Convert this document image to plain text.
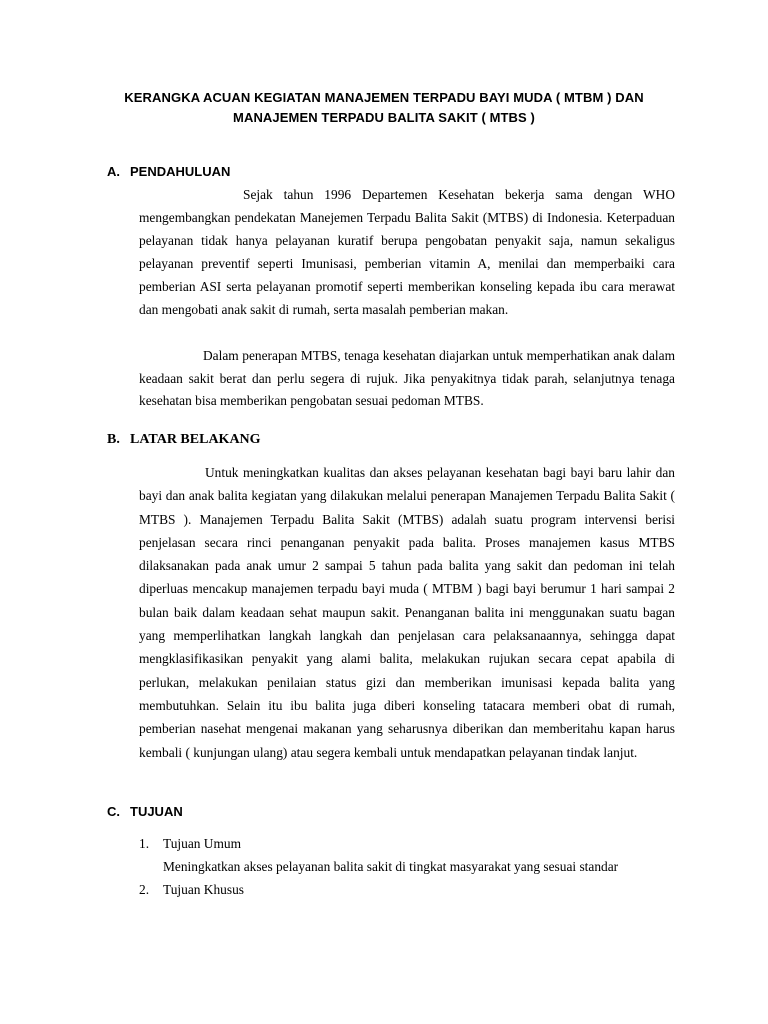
KERANGKA ACUAN KEGIATAN MANAJEMEN TERPADU BAYI MUDA ( MTBM ) DAN
MANAJEMEN TERPADU BALITA SAKIT ( MTBS )
A. PENDAHULUAN
Sejak tahun 1996 Departemen Kesehatan bekerja sama dengan WHO mengembangkan pendekatan Manejemen Terpadu Balita Sakit (MTBS) di Indonesia. Keterpaduan pelayanan tidak hanya pelayanan kuratif berupa pengobatan penyakit saja, namun sekaligus pelayanan preventif seperti Imunisasi, pemberian vitamin A, menilai dan memperbaiki cara pemberian ASI serta pelayanan promotif seperti memberikan konseling kepada ibu cara merawat dan mengobati anak sakit di rumah, serta masalah pemberian makan.
Dalam penerapan MTBS, tenaga kesehatan diajarkan untuk memperhatikan anak dalam keadaan sakit berat dan perlu segera di rujuk. Jika penyakitnya tidak parah, selanjutnya tenaga kesehatan bisa memberikan pengobatan sesuai pedoman MTBS.
B. LATAR BELAKANG
Untuk meningkatkan kualitas dan akses pelayanan kesehatan bagi bayi baru lahir dan bayi dan anak balita kegiatan yang dilakukan melalui penerapan Manajemen Terpadu Balita Sakit ( MTBS ). Manajemen Terpadu Balita Sakit (MTBS) adalah suatu program intervensi berisi penjelasan secara rinci penanganan penyakit pada balita. Proses manajemen kasus MTBS dilaksanakan pada anak umur 2 sampai 5 tahun pada balita yang sakit dan pedoman ini telah diperluas mencakup manajemen terpadu bayi muda ( MTBM ) bagi bayi berumur 1 hari sampai 2 bulan baik dalam keadaan sehat maupun sakit. Penanganan balita ini menggunakan suatu bagan yang memperlihatkan langkah langkah dan penjelasan cara pelaksanaannya, sehingga dapat mengklasifikasikan penyakit yang alami balita, melakukan rujukan secara cepat apabila di perlukan, melakukan penilaian status gizi dan memberikan imunisasi kepada balita yang membutuhkan. Selain itu ibu balita juga diberi konseling tatacara memberi obat di rumah, pemberian nasehat mengenai makanan yang seharusnya diberikan dan memberitahu kapan harus kembali ( kunjungan ulang) atau segera kembali untuk mendapatkan pelayanan tindak lanjut.
C. TUJUAN
1. Tujuan Umum
Meningkatkan akses pelayanan balita sakit di tingkat masyarakat yang sesuai standar
2. Tujuan Khusus
